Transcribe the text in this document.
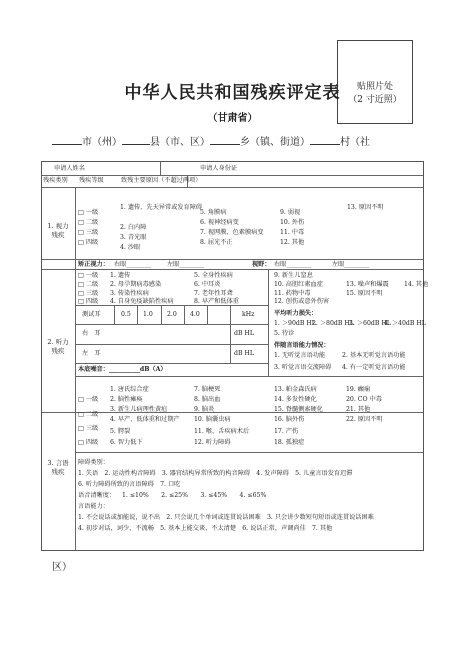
贴照片处
（2 寸近照）
中华人民共和国残疾评定表
（甘肃省）
市（州）	县（市、区）	乡（镇、街道）	村（社
申请人姓名	申请人身份证
残疾类别 残疾等级	致残主要原因（不超过两项）
1. 视力残疾
□ 一级
□ 二级
□ 三级
□ 四级
1. 遗传、先天异常或发育障碍
2. 白内障
3. 青光眼
4. 沙眼
5. 角膜病
6. 视神经病变
7. 视网膜、色素膜病变
8. 屈光不正
9. 弱视
10. 外伤
11. 中毒
12. 其他
13. 原因不明
矫正视力： 右眼________	左眼________	视野： 右眼________	左眼________
2. 听力残疾
□ 一级
□ 二级
□ 三级
□ 四级
1. 遗传
2. 母孕期病毒感染
3. 传染性疾病
4. 自身免疫缺陷性疾病
5. 全身性疾病
6. 中耳炎
7. 老年性耳聋
8. 早产和低体重
9. 新生儿窒息
10. 高胆红素血症
11. 药物中毒
12. 创伤或意外伤害
13. 噪声和爆震 14. 其他
15. 原因不明
测试耳	0.5 1.0 2.0 4.0	kHz
右　耳	dB HL
左　耳	dB HL
本底噪音：__________dB（A）
平均听力损失：
1. ＞90dB HL
2. ＞80dB HL
3. ＞60dB HL
4. ＞40dB HL
5. 待诊
伴随言语能力情况：
1. 无听觉言语功能	2. 基本无听觉言语功能
3. 听觉言语交流障碍 4. 有一定听觉言语功能
3. 言语残疾
□ 一级
□ 二级
□ 三级
□ 四级
1. 唐氏综合症
2. 脑性瘫痪
3. 新生儿病理性黄疸
4. 早产、低体重和过期产
5. 腭裂
6. 智力低下
7. 脑梗死
8. 脑出血
9. 脑炎
10. 脑囊虫病
11. 喉、舌疾病术后
12. 听力障碍
13. 帕金森氏病
14. 多发性硬化
15. 脊髓侧索硬化
16. 脑外伤
17. 产伤
18. 孤独症
19. 癫痫
20. CO 中毒
21. 其他
22. 原因不明
障碍类别：
1. 失语　2. 运动性构音障碍　3. 器官结构异常所致的构音障碍　4. 发声障碍　5. 儿童言语发育迟滞
6. 听力障碍所致的言语障碍　7. 口吃
语音清晰度： 1. ≤10%　　2. ≤25%　　3. ≤45%　　4. ≤65%
言语能力：
1. 不会说话或加能说，说不出　2. 只会说几个单词或连贯说话困难　3. 只会讲少数短句短语或连贯说话困难
4. 初步对话，词少，不流畅　5. 基本上能交谈，不太清楚　6. 说话正常，声调尚佳　7. 其他
区）
